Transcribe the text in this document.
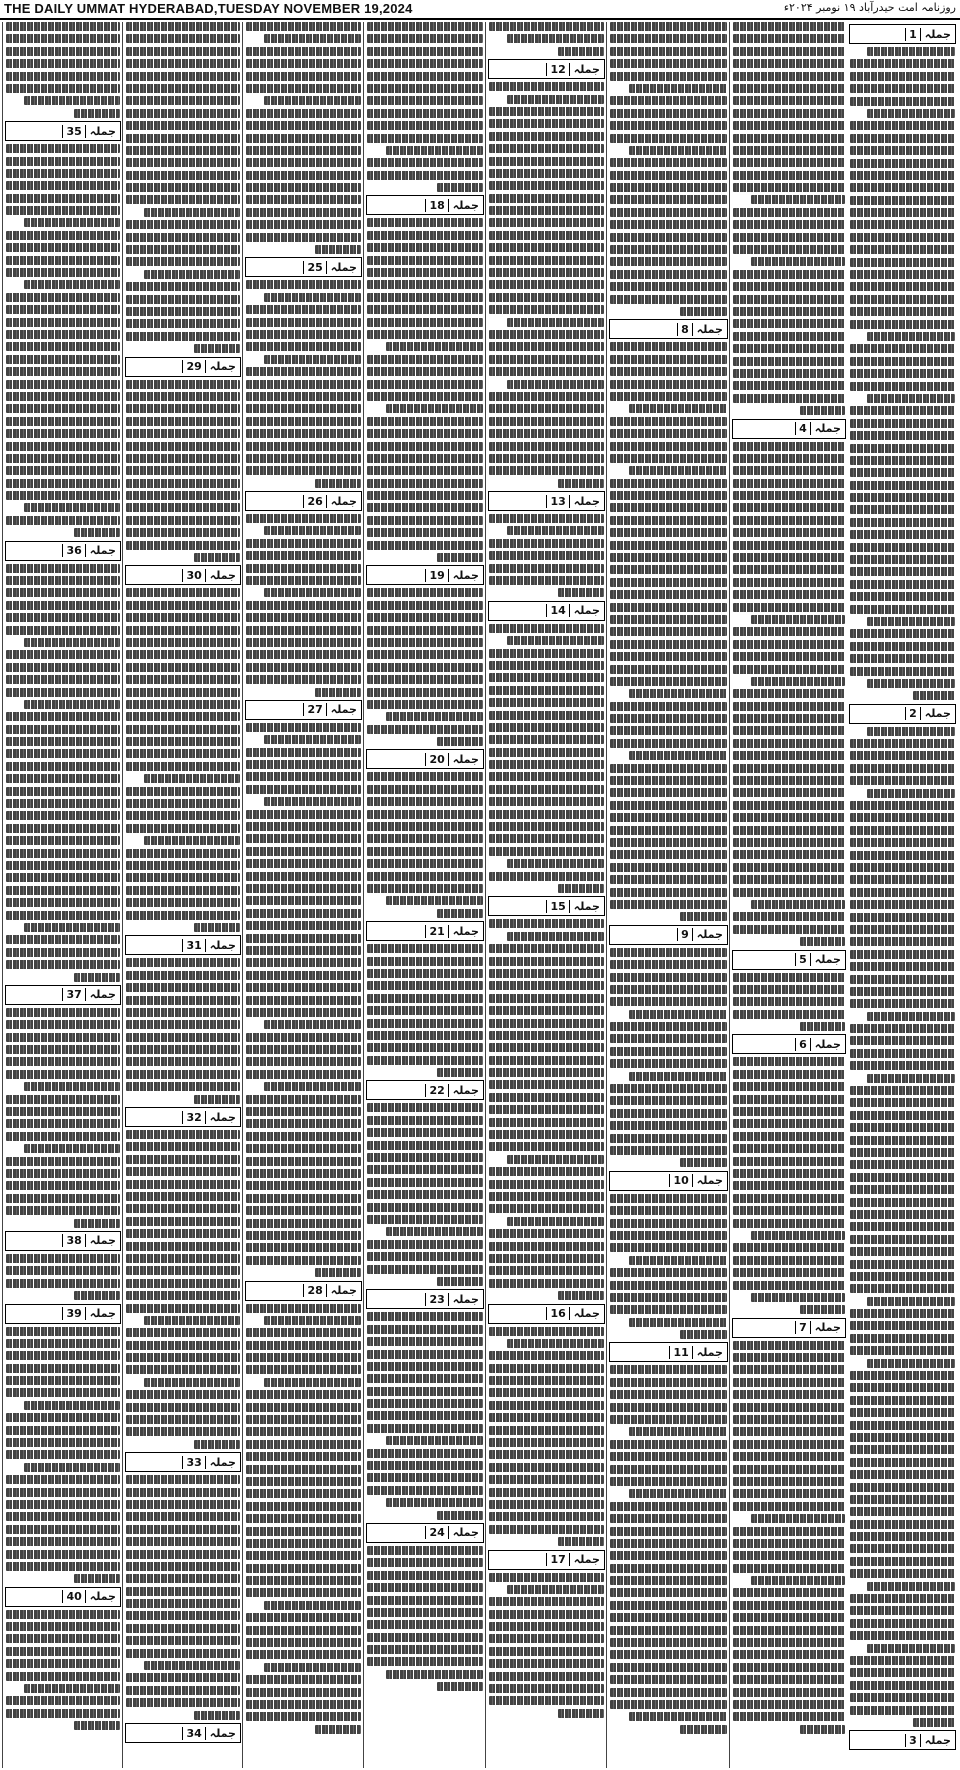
THE DAILY UMMAT HYDERABAD,TUESDAY NOVEMBER 19,2024	روزنامہ امت حیدرآباد ۱۹ نومبر ۲۰۲۴ء
جملہ
1
جملہ
2
جملہ
3
جملہ
4
جملہ
5
جملہ
6
جملہ
7
جملہ
8
جملہ
9
جملہ
10
جملہ
11
جملہ
12
جملہ
13
جملہ
14
جملہ
15
جملہ
16
جملہ
17
جملہ
18
جملہ
19
جملہ
20
جملہ
21
جملہ
22
جملہ
23
جملہ
24
جملہ
25
جملہ
26
جملہ
27
جملہ
28
جملہ
29
جملہ
30
جملہ
31
جملہ
32
جملہ
33
جملہ
34
جملہ
35
جملہ
36
جملہ
37
جملہ
38
جملہ
39
جملہ
40
